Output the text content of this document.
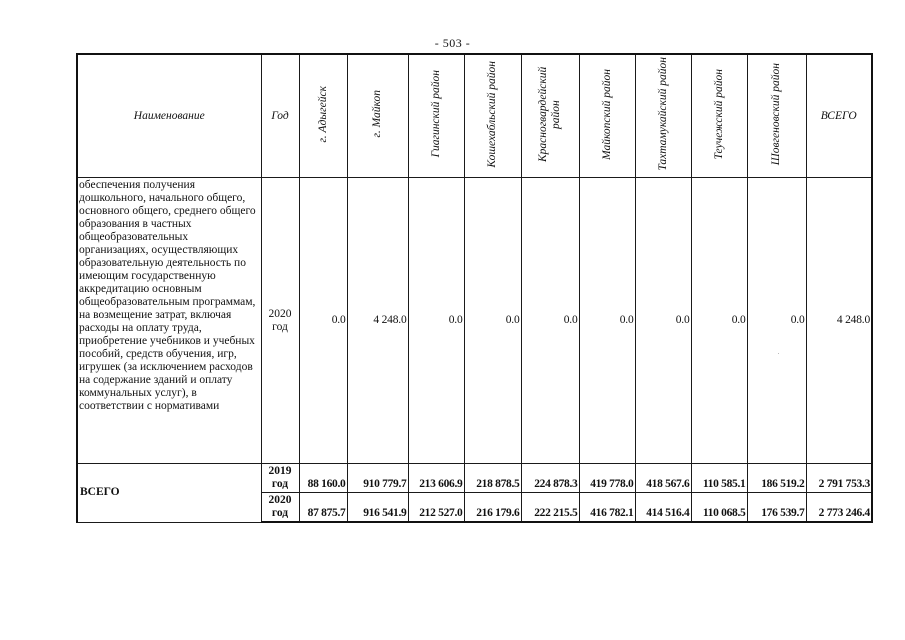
- 503 -
Наименование	Год	г. Адыгейск	г. Майкоп	Гиагинский район	Кошехабльский район	Красногвардейский район	Майкопский район	Тахтамукайский район	Теучежский район	Шовгеновский район	ВСЕГО
обеспечения получения дошкольного, начального общего, основного общего, среднего общего образования в частных общеобразовательных организациях, осуществляющих образовательную деятельность по имеющим государственную аккредитацию основным общеобразовательным программам, на возмещение затрат, включая расходы на оплату труда, приобретение учебников и учебных пособий, средств обучения, игр, игрушек (за исключением расходов на содержание зданий и оплату коммунальных услуг), в соответствии с нормативами	2020 год	0.0	4 248.0	0.0	0.0	0.0	0.0	0.0	0.0	0.0	4 248.0
ВСЕГО	2019 год	88 160.0	910 779.7	213 606.9	218 878.5	224 878.3	419 778.0	418 567.6	110 585.1	186 519.2	2 791 753.3
	2020 год	87 875.7	916 541.9	212 527.0	216 179.6	222 215.5	416 782.1	414 516.4	110 068.5	176 539.7	2 773 246.4
